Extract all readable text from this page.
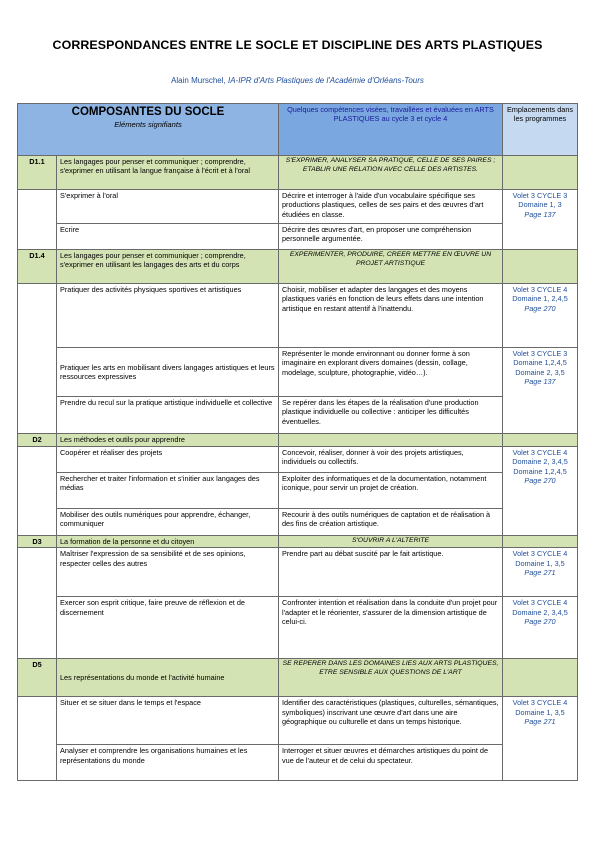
CORRESPONDANCES ENTRE LE SOCLE ET DISCIPLINE DES ARTS PLASTIQUES
Alain Murschel, IA-IPR d'Arts Plastiques de l'Académie d'Orléans-Tours
COMPOSANTES DU SOCLE
Eléments signifiants		Quelques compétences visées, travaillées et évaluées en ARTS PLASTIQUES au cycle 3 et cycle 4	Emplacements dans les programmes
D1.1	Les langages pour penser et communiquer ; comprendre, s'exprimer en utilisant la langue française à l'écrit et à l'oral	S'EXPRIMER, ANALYSER SA PRATIQUE, CELLE DE SES PAIRES ; ETABLIR UNE RELATION AVEC CELLE DES ARTISTES.	
	S'exprimer à l'oral	Décrire et interroger à l'aide d'un vocabulaire spécifique ses productions plastiques, celles de ses pairs et des œuvres d'art étudiées en classe.	Volet 3 CYCLE 3 Domaine 1, 3
Page 137

	Ecrire	Décrire des œuvres d'art, en proposer une compréhension personnelle argumentée.	
D1.4	Les langages pour penser et communiquer ; comprendre, s'exprimer en utilisant les langages des arts et du corps	EXPERIMENTER, PRODUIRE, CREER METTRE EN ŒUVRE UN PROJET ARTISTIQUE	
	Pratiquer des activités physiques sportives et artistiques	Choisir, mobiliser et adapter des langages et des moyens plastiques variés en fonction de leurs effets dans une intention artistique en restant attentif à l'inattendu.	Volet 3 CYCLE 4 Domaine 1, 2,4,5
Page 270

	Pratiquer les arts en mobilisant divers langages artistiques et leurs ressources expressives	Représenter le monde environnant ou donner forme à son imaginaire en explorant divers domaines (dessin, collage, modelage, sculpture, photographie, vidéo…).	Volet 3 CYCLE 3 Domaine 1,2,4,5 Domaine 2, 3,5
Page 137

	Prendre du recul sur la pratique artistique individuelle et collective	Se repérer dans les étapes de la réalisation d'une production plastique individuelle ou collective : anticiper les difficultés éventuelles.	
D2	Les méthodes et outils pour apprendre		
	Coopérer et réaliser des projets	Concevoir, réaliser, donner à voir des projets artistiques, individuels ou collectifs.	Volet 3 CYCLE 4 Domaine 2, 3,4,5 Domaine 1,2,4,5
Page 270

	Rechercher et traiter l'information et s'initier aux langages des médias	Exploiter des informatiques et de la documentation, notamment iconique, pour servir un projet de création.	
	Mobiliser des outils numériques pour apprendre, échanger, communiquer	Recourir à des outils numériques de captation et de réalisation à des fins de création artistique.	
D3	La formation de la personne et du citoyen	S'OUVRIR A L'ALTERITE	
	Maîtriser l'expression de sa sensibilité et de ses opinions, respecter celles des autres	Prendre part au débat suscité par le fait artistique.	Volet 3 CYCLE 4 Domaine 1, 3,5
Page 271

	Exercer son esprit critique, faire preuve de réflexion et de discernement	Confronter intention et réalisation dans la conduite d'un projet pour l'adapter et le réorienter, s'assurer de la dimension artistique de celui-ci.	Volet 3 CYCLE 4 Domaine 2, 3,4,5
Page 270

D5	Les représentations du monde et l'activité humaine	SE REPERER DANS LES DOMAINES LIES AUX ARTS PLASTIQUES, ETRE SENSIBLE AUX QUESTIONS DE L'ART	
	Situer et se situer dans le temps et l'espace	Identifier des caractéristiques (plastiques, culturelles, sémantiques, symboliques) inscrivant une œuvre d'art dans une aire géographique ou culturelle et dans un temps historique.	Volet 3 CYCLE 4 Domaine 1, 3,5
Page 271

	Analyser et comprendre les organisations humaines et les représentations du monde	Interroger et situer œuvres et démarches artistiques du point de vue de l'auteur et de celui du spectateur.	
